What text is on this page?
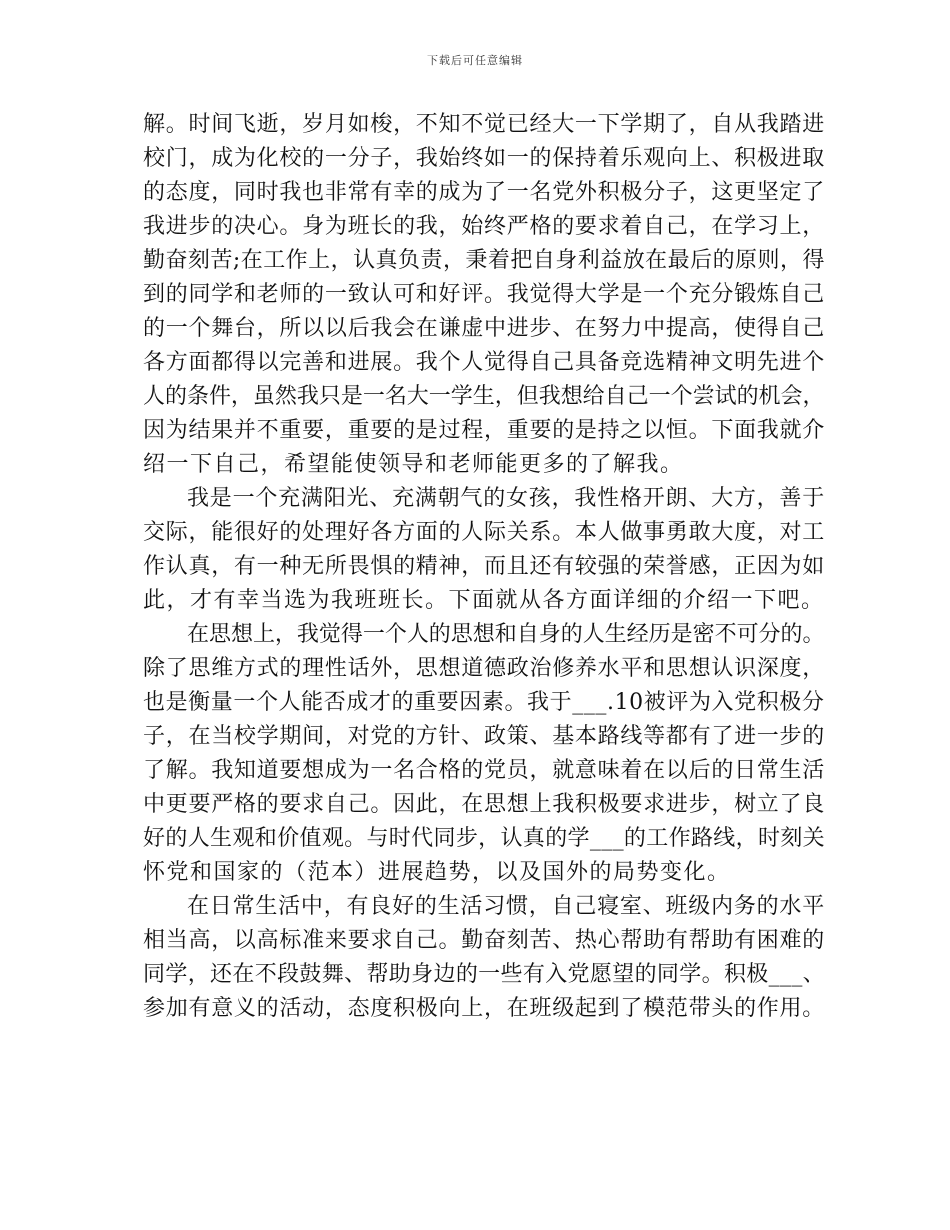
下载后可任意编辑
解。时间飞逝，岁月如梭，不知不觉已经大一下学期了，自从我踏进
校门，成为化校的一分子，我始终如一的保持着乐观向上、积极进取
的态度，同时我也非常有幸的成为了一名党外积极分子，这更坚定了
我进步的决心。身为班长的我，始终严格的要求着自己，在学习上，
勤奋刻苦;在工作上，认真负责，秉着把自身利益放在最后的原则，得
到的同学和老师的一致认可和好评。我觉得大学是一个充分锻炼自己
的一个舞台，所以以后我会在谦虚中进步、在努力中提高，使得自己
各方面都得以完善和进展。我个人觉得自己具备竞选精神文明先进个
人的条件，虽然我只是一名大一学生，但我想给自己一个尝试的机会，
因为结果并不重要，重要的是过程，重要的是持之以恒。下面我就介
绍一下自己，希望能使领导和老师能更多的了解我。
我是一个充满阳光、充满朝气的女孩，我性格开朗、大方，善于
交际，能很好的处理好各方面的人际关系。本人做事勇敢大度，对工
作认真，有一种无所畏惧的精神，而且还有较强的荣誉感，正因为如
此，才有幸当选为我班班长。下面就从各方面详细的介绍一下吧。
在思想上，我觉得一个人的思想和自身的人生经历是密不可分的。
除了思维方式的理性话外，思想道德政治修养水平和思想认识深度，
也是衡量一个人能否成才的重要因素。我于___.10被评为入党积极分
子，在当校学期间，对党的方针、政策、基本路线等都有了进一步的
了解。我知道要想成为一名合格的党员，就意味着在以后的日常生活
中更要严格的要求自己。因此，在思想上我积极要求进步，树立了良
好的人生观和价值观。与时代同步，认真的学___的工作路线，时刻关
怀党和国家的（范本）进展趋势，以及国外的局势变化。
在日常生活中，有良好的生活习惯，自己寝室、班级内务的水平
相当高，以高标准来要求自己。勤奋刻苦、热心帮助有帮助有困难的
同学，还在不段鼓舞、帮助身边的一些有入党愿望的同学。积极___、
参加有意义的活动，态度积极向上，在班级起到了模范带头的作用。
